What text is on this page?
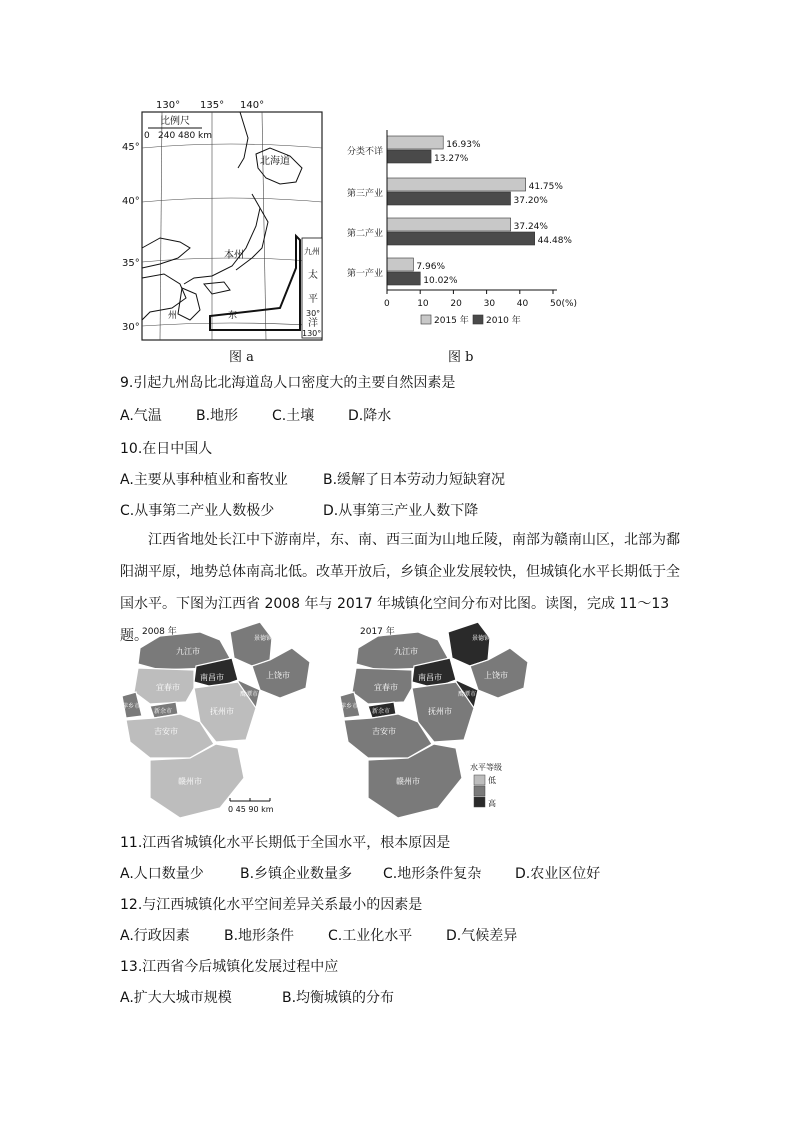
130° 135° 140°
45°
40°
35°
30°
比例尺
0 240 480 km
北海道
本州	九州
州	东
太 平 洋
30°
130°
图 a
分类不详
16.93%
13.27%
第三产业
41.75%
37.20%
第二产业
37.24%
44.48%
第一产业
7.96%
10.02%
0	10 20 30 40 50(%)
2015 年 2010 年
图 b
9.引起九州岛比北海道岛人口密度大的主要自然因素是
A.气温 B.地形 C.土壤 D.降水
10.在日中国人
A.主要从事种植业和畜牧业	B.缓解了日本劳动力短缺窘况
C.从事第二产业人数极少	D.从事第三产业人数下降
江西省地处长江中下游南岸，东、南、西三面为山地丘陵，南部为赣南山区，北部为鄱阳湖平原，地势总体南高北低。改革开放后，乡镇企业发展较快，但城镇化水平长期低于全国水平。下图为江西省 2008 年与 2017 年城镇化空间分布对比图。读图，完成 11～13 题。
2008 年	2017 年
九江市
南昌市	上饶市
宜春市
抚州市
吉安市
赣州市
景德镇市
鹰潭市
新余市
萍乡市
九江市
南昌市	上饶市
宜春市
抚州市
吉安市
赣州市
景德镇市
鹰潭市
新余市
萍乡市
0 45 90 km
水平等级
低
高
11.江西省城镇化水平长期低于全国水平，根本原因是
A.人口数量少	B.乡镇企业数量多 C.地形条件复杂 D.农业区位好
12.与江西城镇化水平空间差异关系最小的因素是
A.行政因素 B.地形条件 C.工业化水平 D.气候差异
13.江西省今后城镇化发展过程中应
A.扩大大城市规模	B.均衡城镇的分布
